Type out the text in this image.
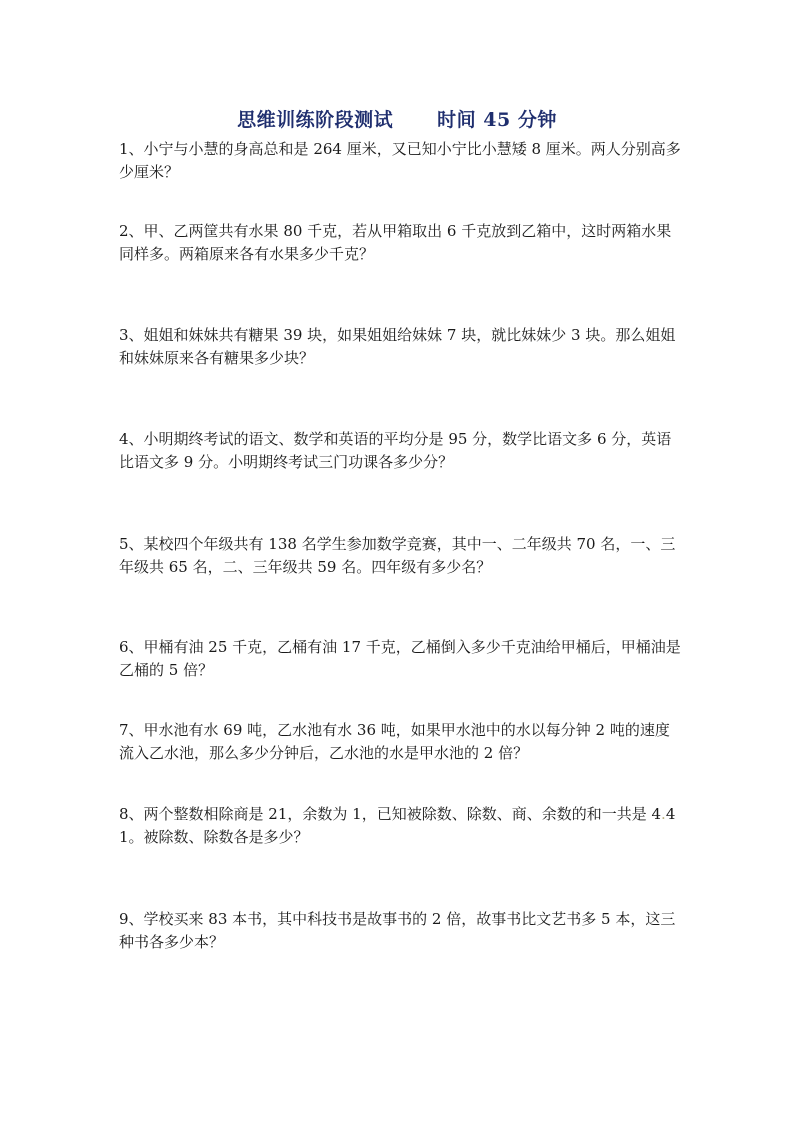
思维训练阶段测试 时间 45 分钟
1、小宁与小慧的身高总和是 264 厘米，又已知小宁比小慧矮 8 厘米。两人分别高多少厘米？
2、甲、乙两筐共有水果 80 千克，若从甲箱取出 6 千克放到乙箱中，这时两箱水果同样多。两箱原来各有水果多少千克？
3、姐姐和妹妹共有糖果 39 块，如果姐姐给妹妹 7 块，就比妹妹少 3 块。那么姐姐和妹妹原来各有糖果多少块？
4、小明期终考试的语文、数学和英语的平均分是 95 分，数学比语文多 6 分，英语比语文多 9 分。小明期终考试三门功课各多少分？
5、某校四个年级共有 138 名学生参加数学竞赛，其中一、二年级共 70 名，一、三年级共 65 名，二、三年级共 59 名。四年级有多少名？
6、甲桶有油 25 千克，乙桶有油 17 千克，乙桶倒入多少千克油给甲桶后，甲桶油是乙桶的 5 倍？
7、甲水池有水 69 吨，乙水池有水 36 吨，如果甲水池中的水以每分钟 2 吨的速度流入乙水池，那么多少分钟后，乙水池的水是甲水池的 2 倍？
8、两个整数相除商是 21，余数为 1，已知被除数、除数、商、余数的和一共是 4.41。被除数、除数各是多少？
9、学校买来 83 本书，其中科技书是故事书的 2 倍，故事书比文艺书多 5 本，这三种书各多少本？
